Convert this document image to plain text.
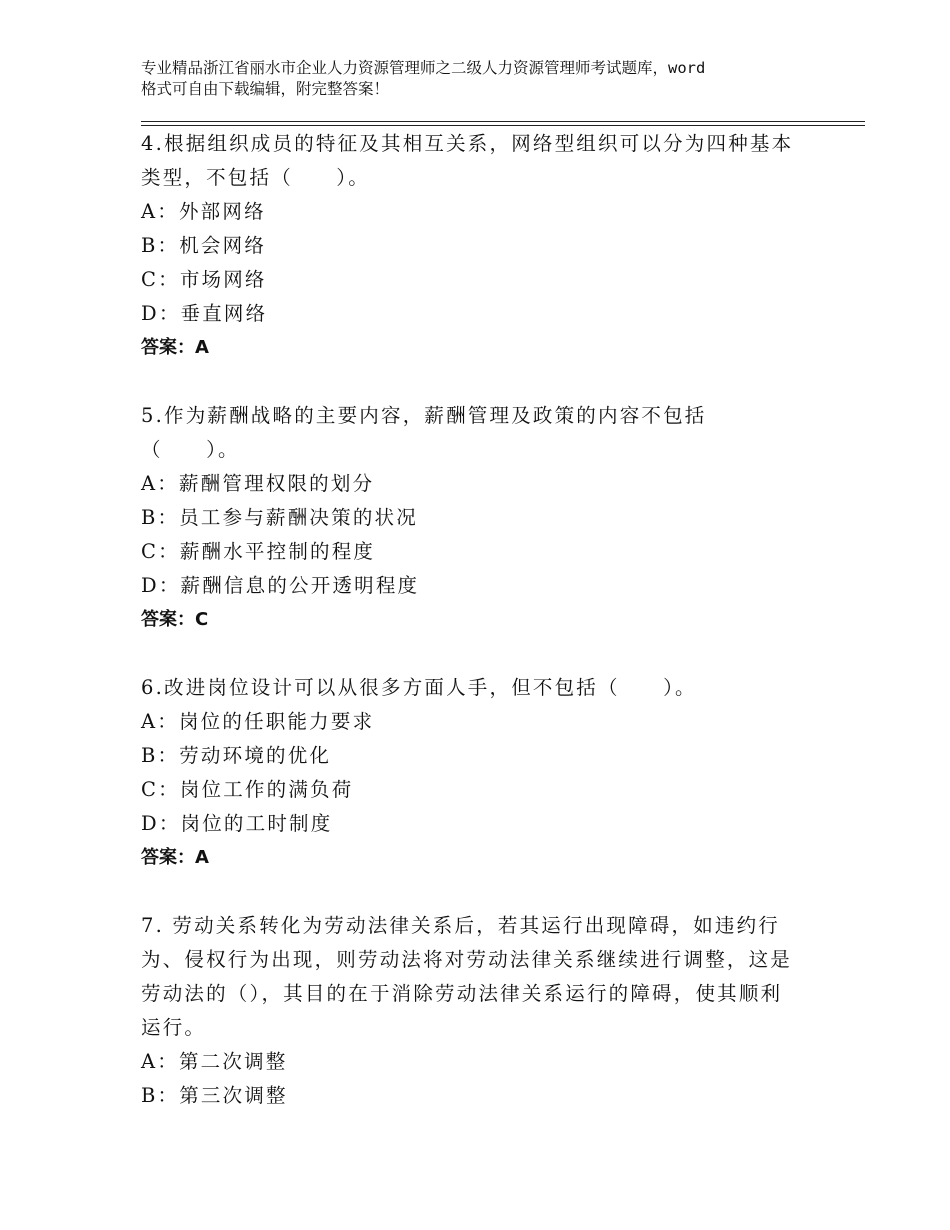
专业精品浙江省丽水市企业人力资源管理师之二级人力资源管理师考试题库，word
格式可自由下载编辑，附完整答案！

4.根据组织成员的特征及其相互关系，网络型组织可以分为四种基本

类型，不包括（　　）。

A：外部网络

B：机会网络

C：市场网络

D：垂直网络

答案：A

5.作为薪酬战略的主要内容，薪酬管理及政策的内容不包括

（　　）。

A：薪酬管理权限的划分

B：员工参与薪酬决策的状况

C：薪酬水平控制的程度

D：薪酬信息的公开透明程度

答案：C

6.改进岗位设计可以从很多方面人手，但不包括（　　）。

A：岗位的任职能力要求

B：劳动环境的优化

C：岗位工作的满负荷

D：岗位的工时制度

答案：A

7. 劳动关系转化为劳动法律关系后，若其运行出现障碍，如违约行

为、侵权行为出现，则劳动法将对劳动法律关系继续进行调整，这是

劳动法的（），其目的在于消除劳动法律关系运行的障碍，使其顺利

运行。

A：第二次调整

B：第三次调整
